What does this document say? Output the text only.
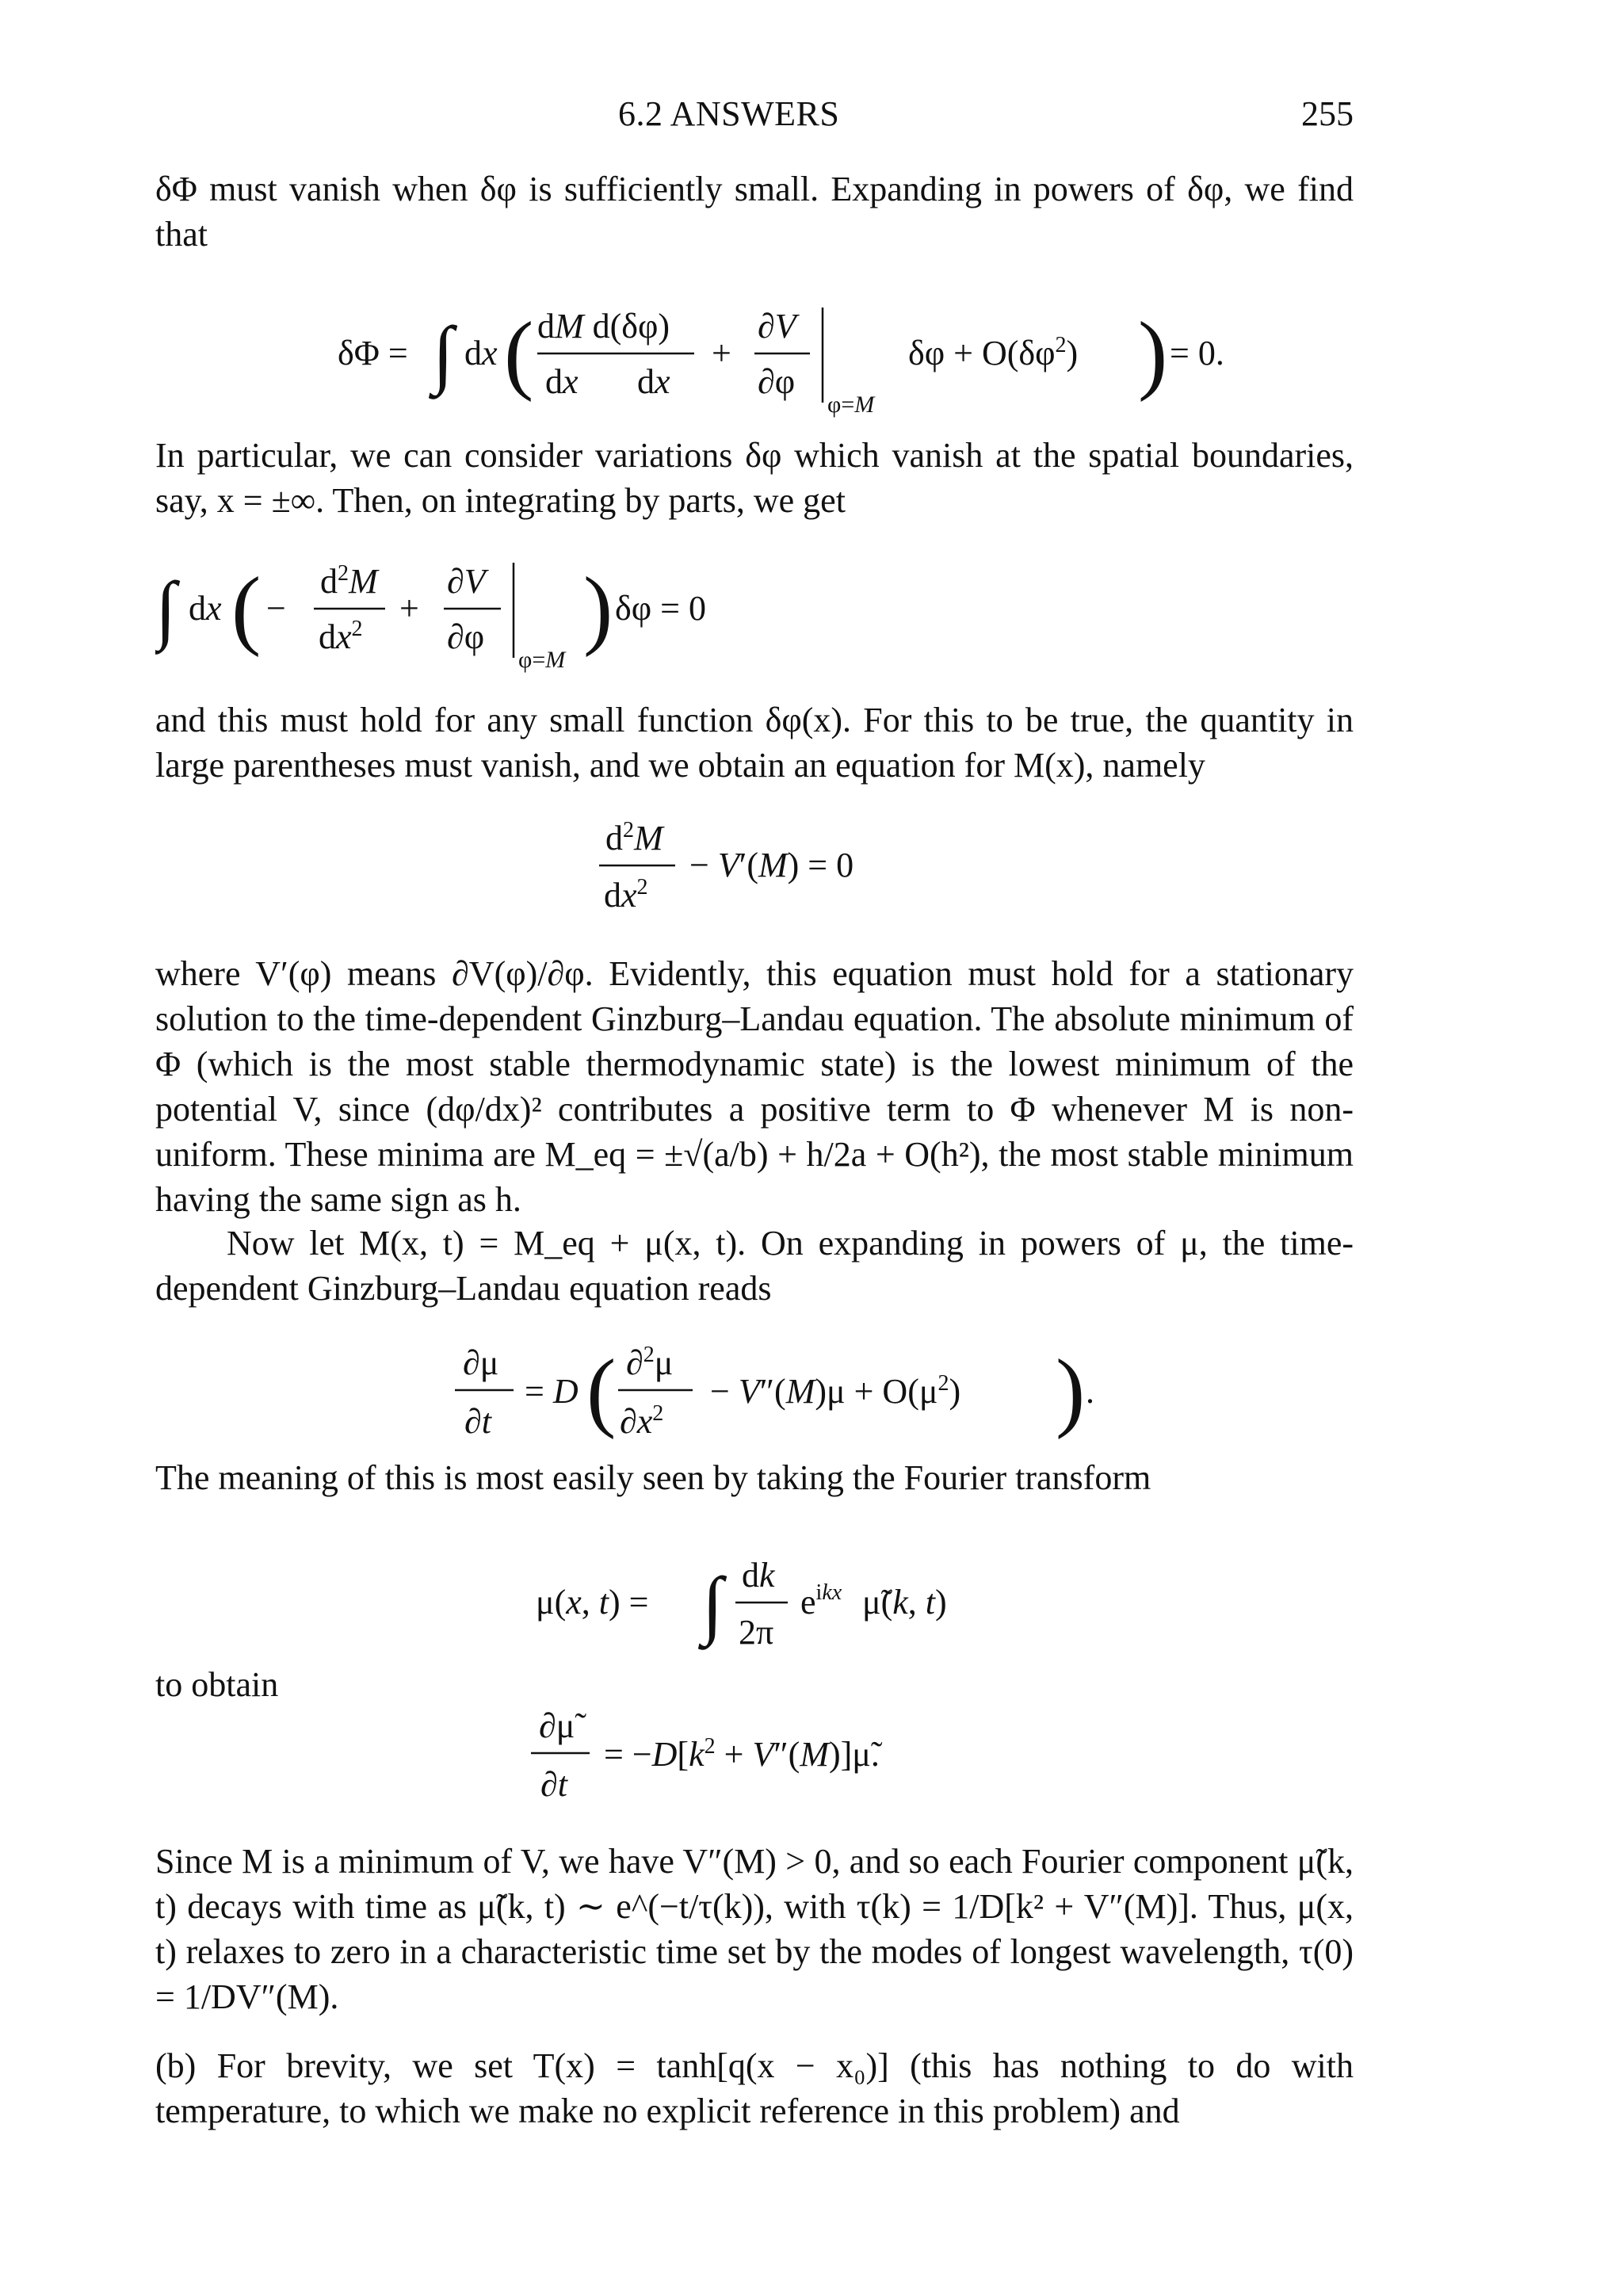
6.2 ANSWERS	255

δΦ must vanish when δφ is sufficiently small. Expanding in powers of δφ, we find that

δΦ = ∫ dx ( dM d(δφ)
dx dx
+
∂V
∂φ
φ=M
$\delta\varphi + O(\delta\varphi^2)$ ) = 0.

In particular, we can consider variations δφ which vanish at the spatial boundaries, say, x = ±∞. Then, on integrating by parts, we get

∫ dx ( −
$d^2M$
$dx^2$
+
∂V
∂φ
φ=M
) δφ = 0

and this must hold for any small function δφ(x). For this to be true, the quantity in large parentheses must vanish, and we obtain an equation for M(x), namely

$d^2M$
$dx^2$
− V′(M) = 0

where V′(φ) means ∂V(φ)/∂φ. Evidently, this equation must hold for a stationary solution to the time-dependent Ginzburg–Landau equation. The absolute minimum of Φ (which is the most stable thermodynamic state) is the lowest minimum of the potential V, since (dφ/dx)² contributes a positive term to Φ whenever M is non-uniform. These minima are M_eq = ±√(a/b) + h/2a + O(h²), the most stable minimum having the same sign as h.

Now let M(x, t) = M_eq + μ(x, t). On expanding in powers of μ, the time-dependent Ginzburg–Landau equation reads

∂μ
∂t
= D ( ∂$^2$μ
$\partial x^2$
− $V''(M)\mu + O(\mu^2)$ ) .

The meaning of this is most easily seen by taking the Fourier transform

μ(x, t) = ∫ dk
2π
$e^{ikx}$ μ̃(k, t)
to obtain
∂μ̃
∂t
= $-D[k^2$ + V″(M)]μ̃.

Since M is a minimum of V, we have V″(M) > 0, and so each Fourier component μ̃(k, t) decays with time as μ̃(k, t) ∼ e^(−t/τ(k)), with τ(k) = 1/D[k² + V″(M)]. Thus, μ(x, t) relaxes to zero in a characteristic time set by the modes of longest wavelength, τ(0) = 1/DV″(M).

(b) For brevity, we set T(x) = tanh[q(x − x₀)] (this has nothing to do with temperature, to which we make no explicit reference in this problem) and
